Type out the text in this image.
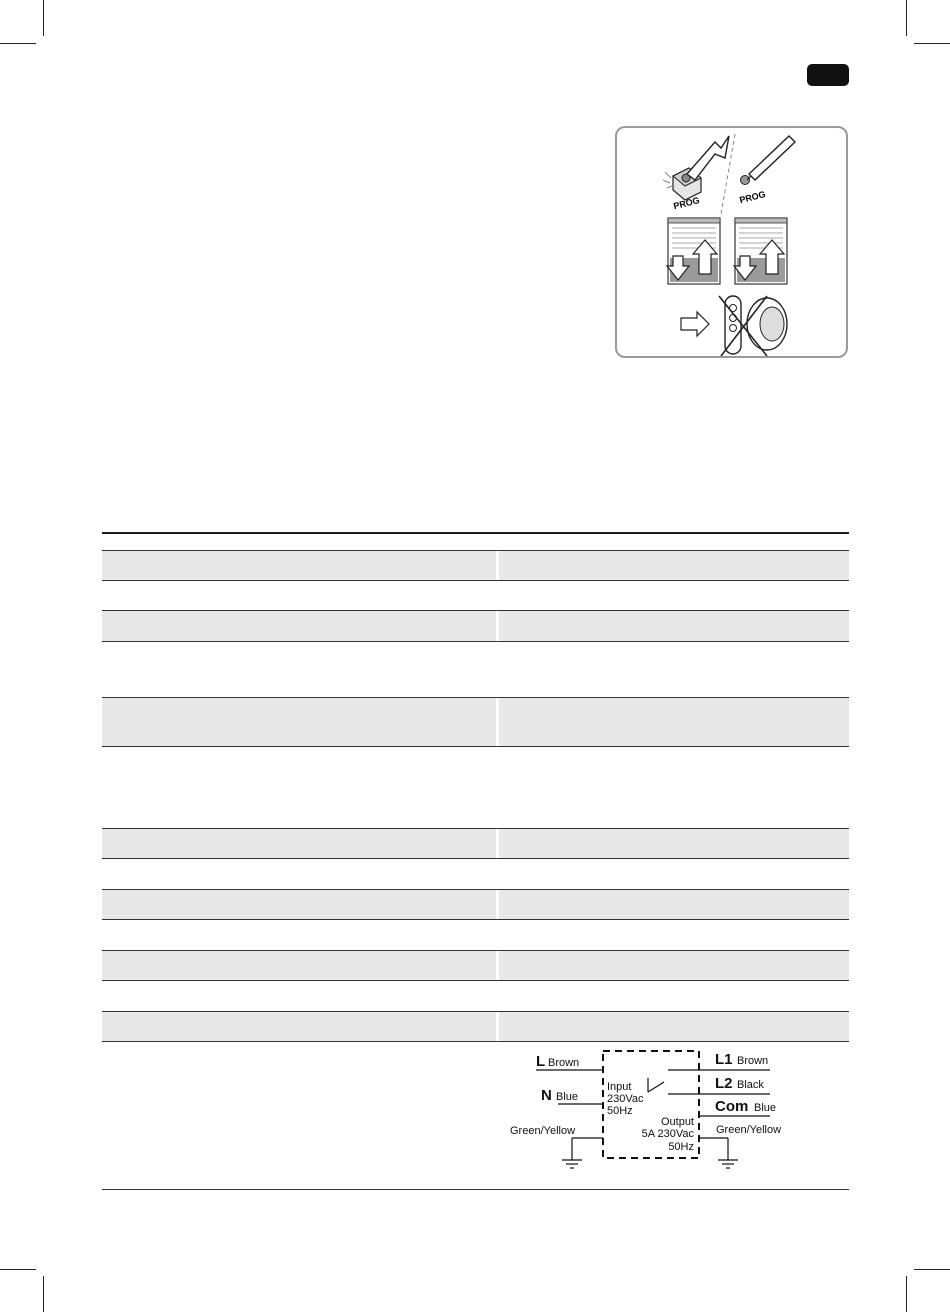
PROG	PROG
L Brown
N Blue
Green/Yellow
Input
230Vac
50Hz
Output
5A 230Vac
50Hz
L1 Brown
L2 Black
Com Blue
Green/Yellow
